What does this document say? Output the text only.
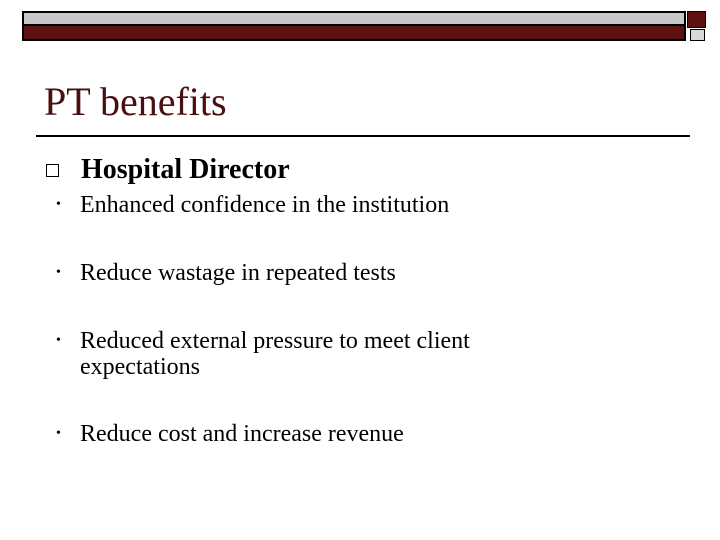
PT benefits
Hospital Director
• Enhanced confidence in the institution
• Reduce wastage in repeated tests
• Reduced external pressure to meet client expectations
• Reduce cost and increase revenue
